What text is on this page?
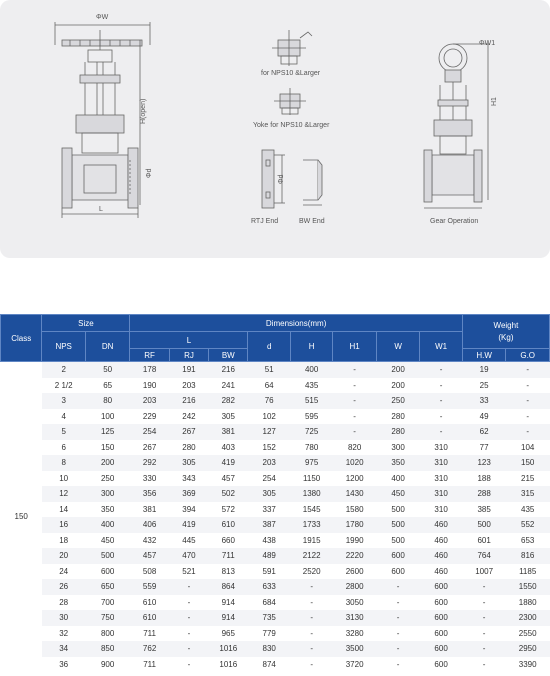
ΦW
H(open)
Φd
L
for NPS10 &Larger
Yoke for NPS10 &Larger
Φd
RTJ End	BW End
ΦW1
H1
Gear Operation
Class	Size		Dimensions(mm)								Weight
(Kg)	
	NPS	DN	L			d	H	H1	W	W1		
			RF	RJ	BW						H.W	G.O
150	2	50	178	191	216	51	400	-	200	-	19	-
	2 1/2	65	190	203	241	64	435	-	200	-	25	-
	3	80	203	216	282	76	515	-	250	-	33	-
	4	100	229	242	305	102	595	-	280	-	49	-
	5	125	254	267	381	127	725	-	280	-	62	-
	6	150	267	280	403	152	780	820	300	310	77	104
	8	200	292	305	419	203	975	1020	350	310	123	150
	10	250	330	343	457	254	1150	1200	400	310	188	215
	12	300	356	369	502	305	1380	1430	450	310	288	315
	14	350	381	394	572	337	1545	1580	500	310	385	435
	16	400	406	419	610	387	1733	1780	500	460	500	552
	18	450	432	445	660	438	1915	1990	500	460	601	653
	20	500	457	470	711	489	2122	2220	600	460	764	816
	24	600	508	521	813	591	2520	2600	600	460	1007	1185
	26	650	559	-	864	633	-	2800	-	600	-	1550
	28	700	610	-	914	684	-	3050	-	600	-	1880
	30	750	610	-	914	735	-	3130	-	600	-	2300
	32	800	711	-	965	779	-	3280	-	600	-	2550
	34	850	762	-	1016	830	-	3500	-	600	-	2950
	36	900	711	-	1016	874	-	3720	-	600	-	3390
